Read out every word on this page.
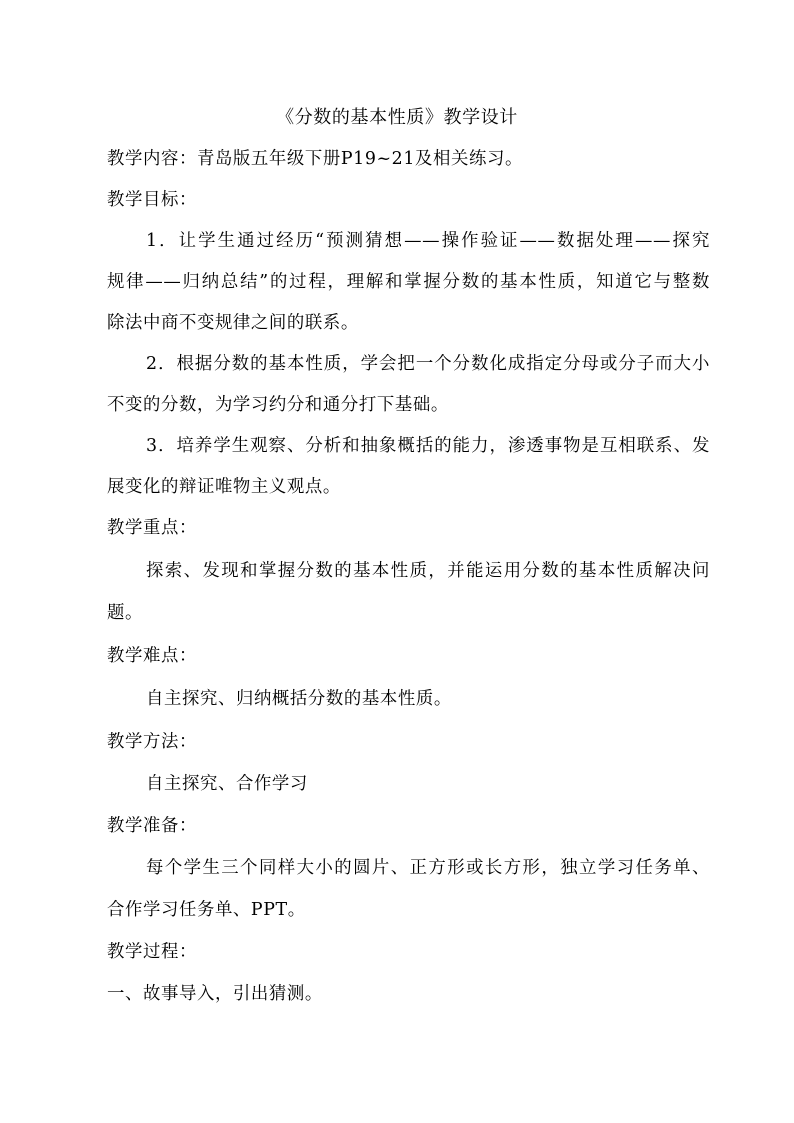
《分数的基本性质》教学设计
教学内容：青岛版五年级下册P19~21及相关练习。
教学目标：
1．让学生通过经历“预测猜想——操作验证——数据处理——探究
规律——归纳总结”的过程，理解和掌握分数的基本性质，知道它与整数
除法中商不变规律之间的联系。
2．根据分数的基本性质，学会把一个分数化成指定分母或分子而大小
不变的分数，为学习约分和通分打下基础。
3．培养学生观察、分析和抽象概括的能力，渗透事物是互相联系、发
展变化的辩证唯物主义观点。
教学重点：
探索、发现和掌握分数的基本性质，并能运用分数的基本性质解决问
题。
教学难点：
自主探究、归纳概括分数的基本性质。
教学方法：
自主探究、合作学习
教学准备：
每个学生三个同样大小的圆片、正方形或长方形，独立学习任务单、
合作学习任务单、PPT。
教学过程：
一、故事导入，引出猜测。
